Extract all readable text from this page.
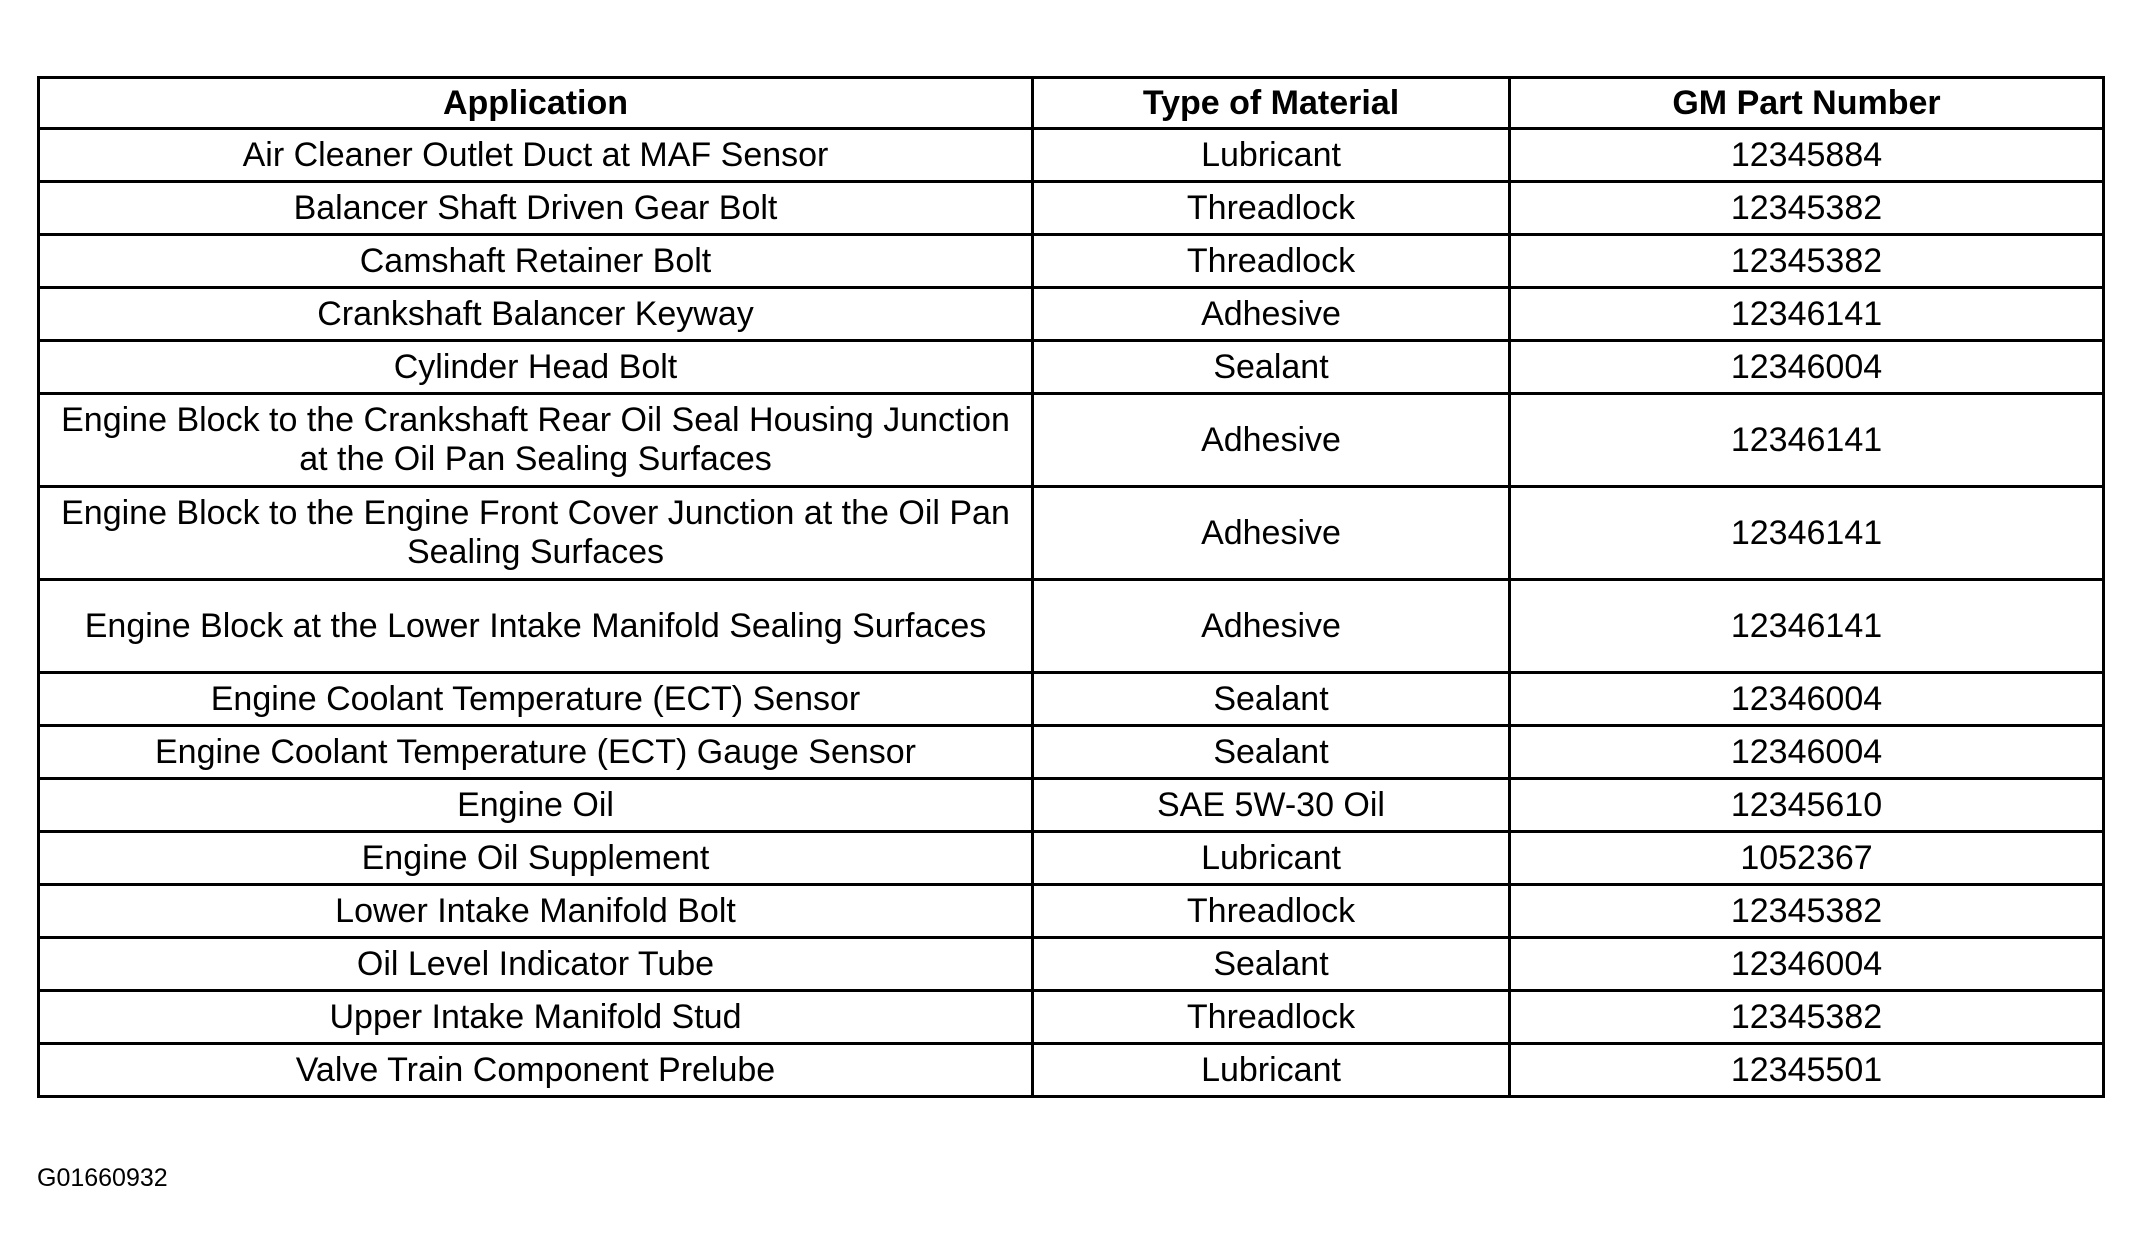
Application	Type of Material	GM Part Number
Air Cleaner Outlet Duct at MAF Sensor	Lubricant	12345884
Balancer Shaft Driven Gear Bolt	Threadlock	12345382
Camshaft Retainer Bolt	Threadlock	12345382
Crankshaft Balancer Keyway	Adhesive	12346141
Cylinder Head Bolt	Sealant	12346004
Engine Block to the Crankshaft Rear Oil Seal Housing Junction at the Oil Pan Sealing Surfaces	Adhesive	12346141
Engine Block to the Engine Front Cover Junction at the Oil Pan Sealing Surfaces	Adhesive	12346141
Engine Block at the Lower Intake Manifold Sealing Surfaces	Adhesive	12346141
Engine Coolant Temperature (ECT) Sensor	Sealant	12346004
Engine Coolant Temperature (ECT) Gauge Sensor	Sealant	12346004
Engine Oil	SAE 5W-30 Oil	12345610
Engine Oil Supplement	Lubricant	1052367
Lower Intake Manifold Bolt	Threadlock	12345382
Oil Level Indicator Tube	Sealant	12346004
Upper Intake Manifold Stud	Threadlock	12345382
Valve Train Component Prelube	Lubricant	12345501
G01660932
